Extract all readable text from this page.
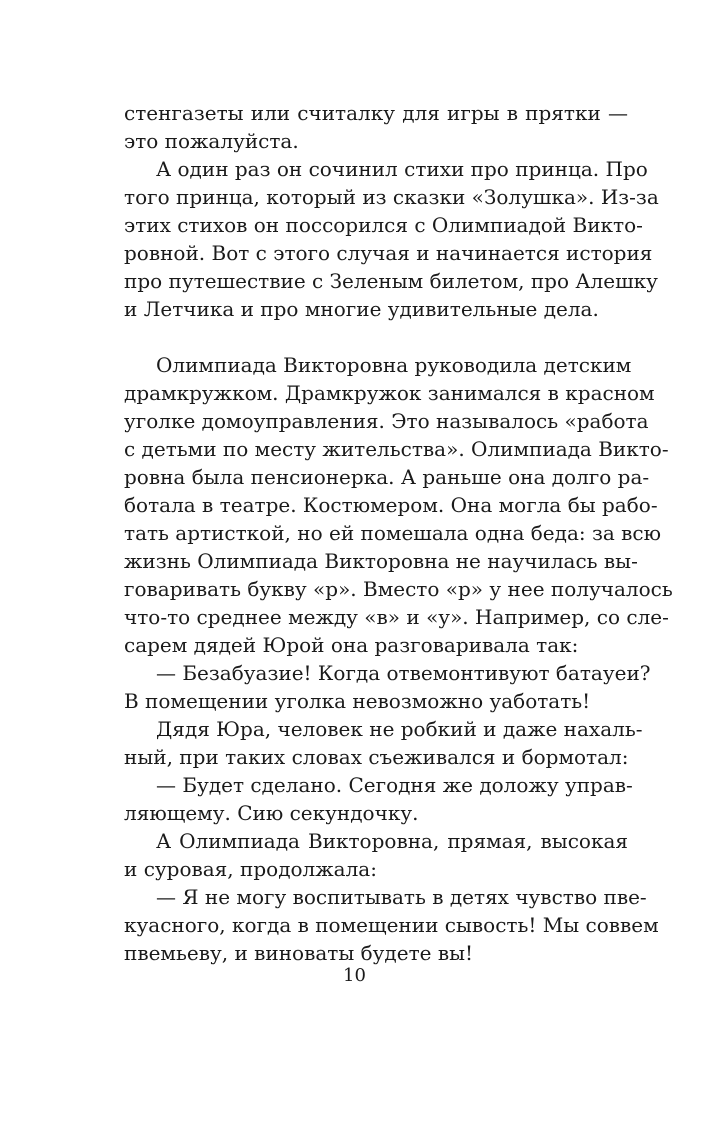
стенгазеты или считалку для игры в прятки —
это пожалуйста.
А один раз он сочинил стихи про принца. Про
того принца, который из сказки «Золушка». Из-за
этих стихов он поссорился с Олимпиадой Викто-
ровной. Вот с этого случая и начинается история
про путешествие с Зеленым билетом, про Алешку
и Летчика и про многие удивительные дела.
Олимпиада Викторовна руководила детским
драмкружком. Драмкружок занимался в красном
уголке домоуправления. Это называлось «работа
с детьми по месту жительства». Олимпиада Викто-
ровна была пенсионерка. А раньше она долго ра-
ботала в театре. Костюмером. Она могла бы рабо-
тать артисткой, но ей помешала одна беда: за всю
жизнь Олимпиада Викторовна не научилась вы-
говаривать букву «р». Вместо «р» у нее получалось
что-то среднее между «в» и «у». Например, со сле-
сарем дядей Юрой она разговаривала так:
— Безабуазие! Когда отвемонтивуют батауеи?
В помещении уголка невозможно уаботать!
Дядя Юра, человек не робкий и даже нахаль-
ный, при таких словах съеживался и бормотал:
— Будет сделано. Сегодня же доложу управ-
ляющему. Сию секундочку.
А Олимпиада Викторовна, прямая, высокая
и суровая, продолжала:
— Я не могу воспитывать в детях чувство пве-
куасного, когда в помещении сывость! Мы соввем
пвемьеву, и виноваты будете вы!
10
